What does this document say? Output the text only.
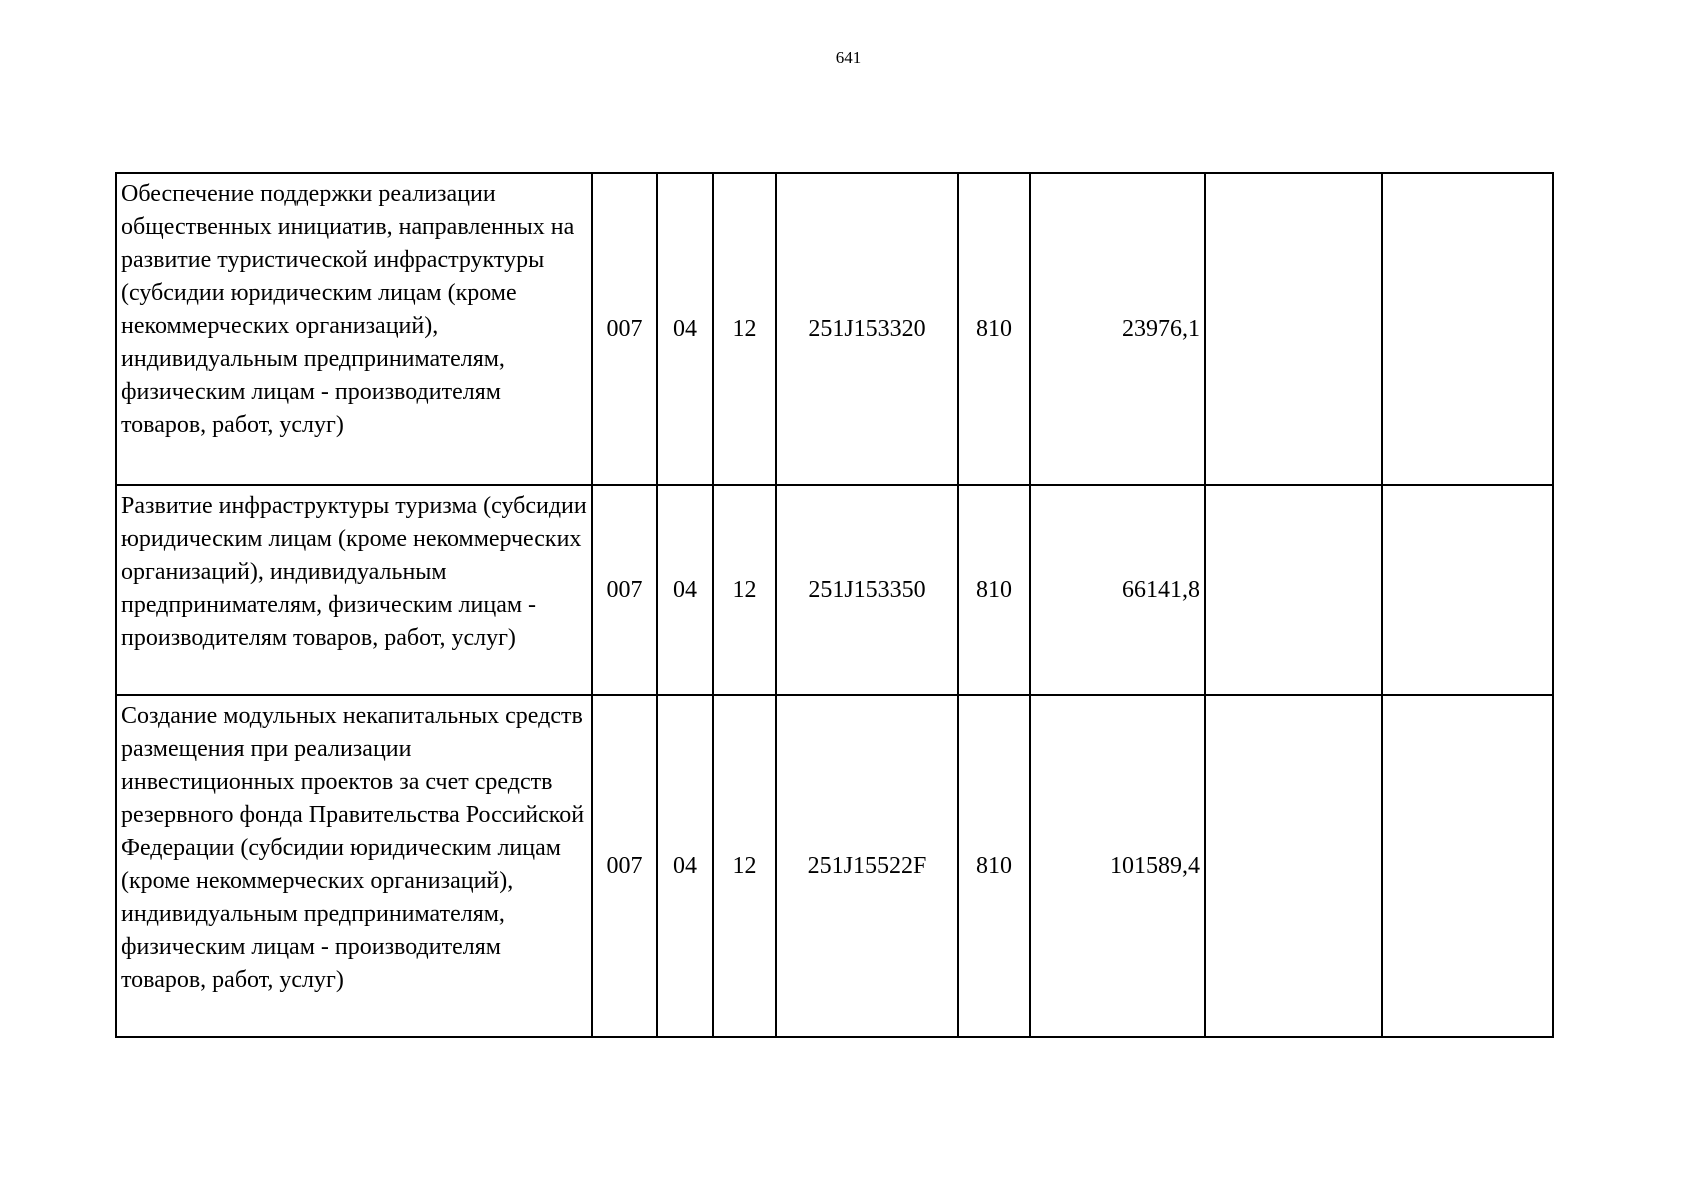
641
Обеспечение поддержки реализации общественных инициатив, направленных на развитие туристической инфраструктуры (субсидии юридическим лицам (кроме некоммерческих организаций), индивидуальным предпринимателям, физическим лицам - производителям товаров, работ, услуг)	007	04	12	251J153320	810	23976,1		
Развитие инфраструктуры туризма (субсидии юридическим лицам (кроме некоммерческих организаций), индивидуальным предпринимателям, физическим лицам - производителям товаров, работ, услуг)	007	04	12	251J153350	810	66141,8		
Создание модульных некапитальных средств размещения при реализации инвестиционных проектов за счет средств резервного фонда Правительства Российской Федерации (субсидии юридическим лицам (кроме некоммерческих организаций), индивидуальным предпринимателям, физическим лицам - производителям товаров, работ, услуг)	007	04	12	251J15522F	810	101589,4		
